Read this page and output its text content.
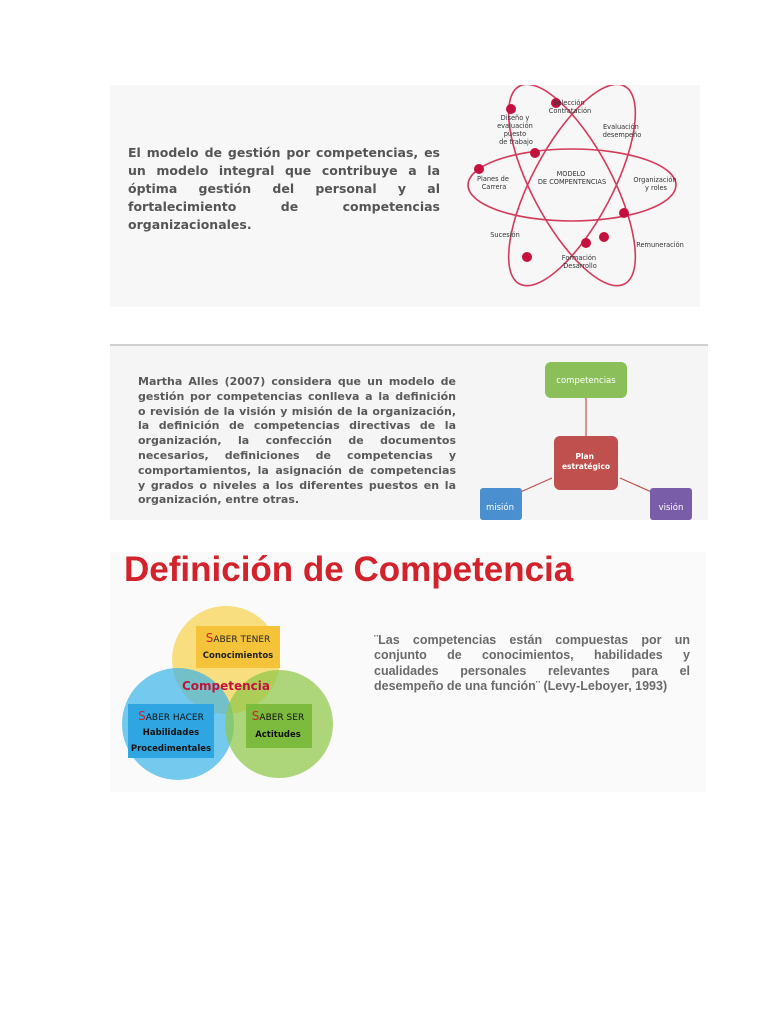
El modelo de gestión por competencias, es un modelo integral que contribuye a la óptima gestión del personal y al fortalecimiento de competencias organizacionales.

MODELO DE COMPENTENCIAS
Selección Contratación
Evaluación desempeño
Organización y roles
Remuneración
Formación Desarrollo
Sucesión
Planes de Carrera
Diseño y evaluación puesto de trabajo

Martha Alles (2007) considera que un modelo de gestión por competencias conlleva a la definición o revisión de la visión y misión de la organización, la definición de competencias directivas de la organización, la confección de documentos necesarios, definiciones de competencias y comportamientos, la asignación de competencias y grados o niveles a los diferentes puestos en la organización, entre otras.

competencias
Plan estratégico
misión	visión
Definición de Competencia

¨Las competencias están compuestas por un conjunto de conocimientos, habilidades y cualidades personales relevantes para el desempeño de una función¨ (Levy-Leboyer, 1993)

SABER TENER
Conocimientos
Competencia
SABER HACER
Habilidades
Procedimentales
SABER SER
Actitudes
